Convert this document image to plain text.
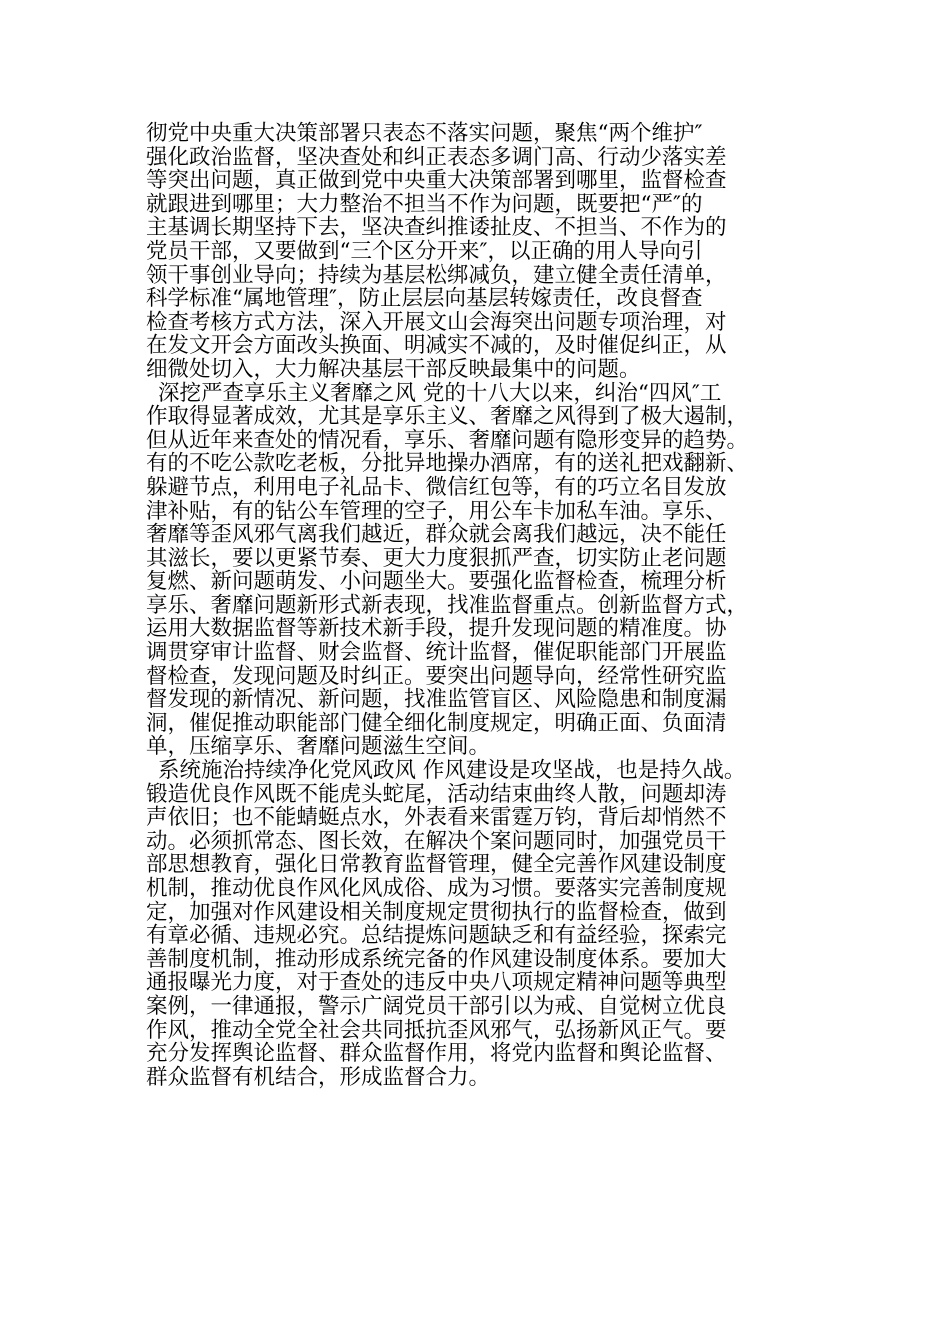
彻党中央重大决策部署只表态不落实问题，聚焦“两个维护″
强化政治监督，坚决查处和纠正表态多调门高、行动少落实差
等突出问题，真正做到党中央重大决策部署到哪里，监督检查
就跟进到哪里；大力整治不担当不作为问题，既要把“严″的
主基调长期坚持下去，坚决查纠推诿扯皮、不担当、不作为的
党员干部，又要做到“三个区分开来″，以正确的用人导向引
领干事创业导向；持续为基层松绑减负，建立健全责任清单，
科学标准“属地管理″，防止层层向基层转嫁责任，改良督查
检查考核方式方法，深入开展文山会海突出问题专项治理，对
在发文开会方面改头换面、明减实不减的，及时催促纠正，从
细微处切入，大力解决基层干部反映最集中的问题。
深挖严查享乐主义奢靡之风 党的十八大以来，纠治“四风″工
作取得显著成效，尤其是享乐主义、奢靡之风得到了极大遏制，
但从近年来查处的情况看，享乐、奢靡问题有隐形变异的趋势。
有的不吃公款吃老板，分批异地操办酒席，有的送礼把戏翻新、
躲避节点，利用电子礼品卡、微信红包等，有的巧立名目发放
津补贴，有的钻公车管理的空子，用公车卡加私车油。享乐、
奢靡等歪风邪气离我们越近，群众就会离我们越远，决不能任
其滋长，要以更紧节奏、更大力度狠抓严查，切实防止老问题
复燃、新问题萌发、小问题坐大。要强化监督检查，梳理分析
享乐、奢靡问题新形式新表现，找准监督重点。创新监督方式，
运用大数据监督等新技术新手段，提升发现问题的精准度。协
调贯穿审计监督、财会监督、统计监督，催促职能部门开展监
督检查，发现问题及时纠正。要突出问题导向，经常性研究监
督发现的新情况、新问题，找准监管盲区、风险隐患和制度漏
洞，催促推动职能部门健全细化制度规定，明确正面、负面清
单，压缩享乐、奢靡问题滋生空间。
系统施治持续净化党风政风 作风建设是攻坚战，也是持久战。
锻造优良作风既不能虎头蛇尾，活动结束曲终人散，问题却涛
声依旧；也不能蜻蜓点水，外表看来雷霆万钧，背后却悄然不
动。必须抓常态、图长效，在解决个案问题同时，加强党员干
部思想教育，强化日常教育监督管理，健全完善作风建设制度
机制，推动优良作风化风成俗、成为习惯。要落实完善制度规
定，加强对作风建设相关制度规定贯彻执行的监督检查，做到
有章必循、违规必究。总结提炼问题缺乏和有益经验，探索完
善制度机制，推动形成系统完备的作风建设制度体系。要加大
通报曝光力度，对于查处的违反中央八项规定精神问题等典型
案例，一律通报，警示广阔党员干部引以为戒、自觉树立优良
作风，推动全党全社会共同抵抗歪风邪气，弘扬新风正气。要
充分发挥舆论监督、群众监督作用，将党内监督和舆论监督、
群众监督有机结合，形成监督合力。
